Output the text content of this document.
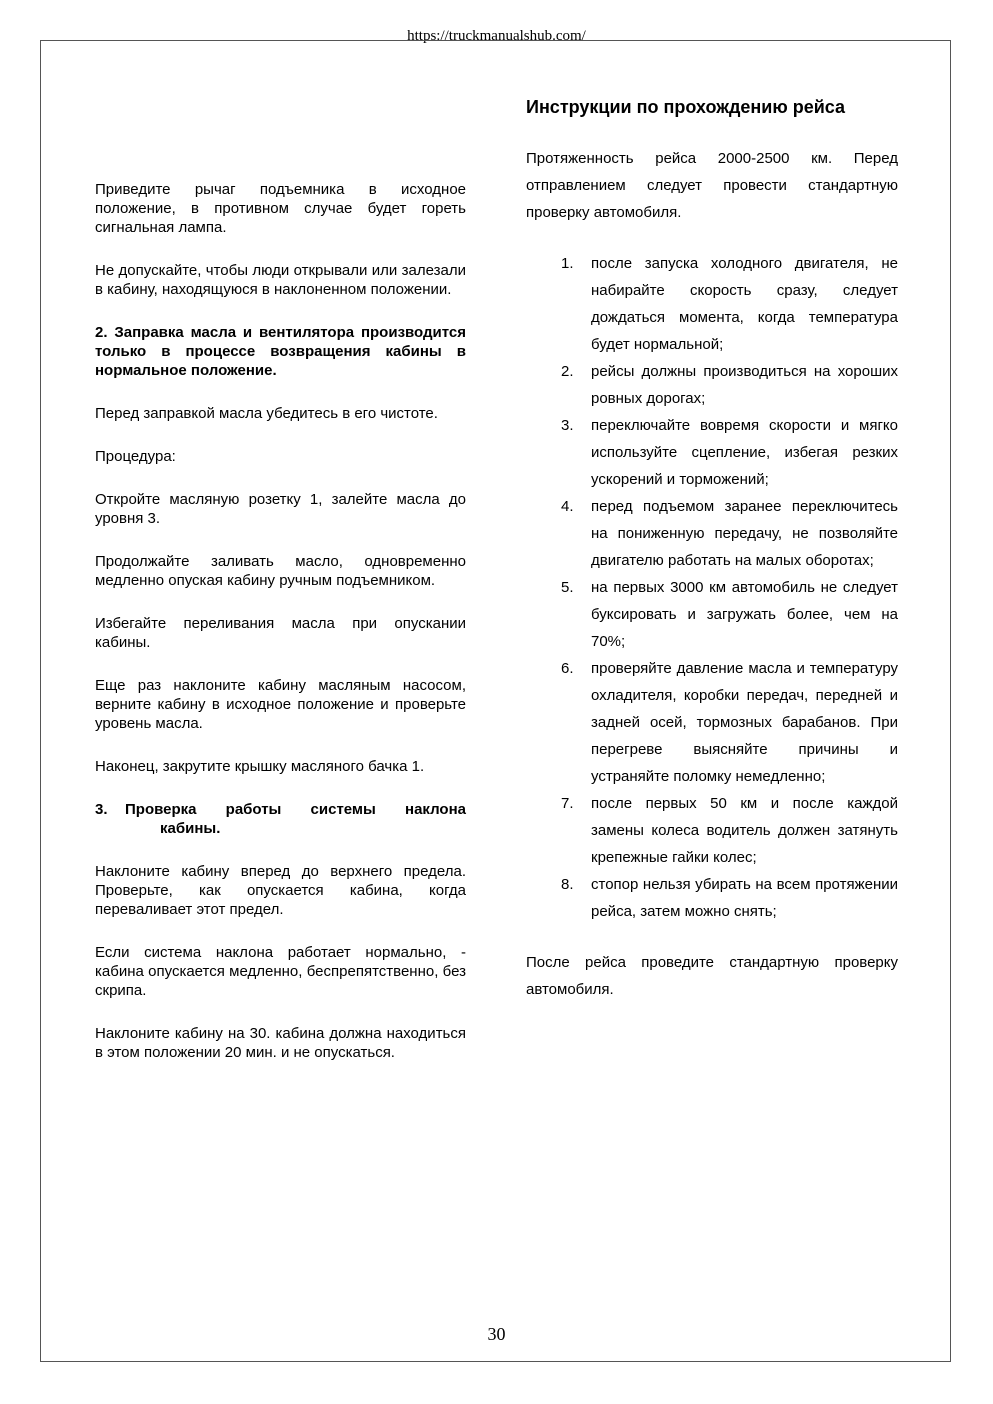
https://truckmanualshub.com/

Приведите рычаг подъемника в исходное положение, в противном случае будет гореть сигнальная лампа.

Не допускайте, чтобы люди открывали или залезали в кабину, находящуюся в наклоненном положении.

2. Заправка масла и вентилятора производится только в процессе возвращения кабины в нормальное положение.

Перед заправкой масла убедитесь в его чистоте.

Процедура:

Откройте масляную розетку 1, залейте масла до уровня 3.

Продолжайте заливать масло, одновременно медленно опуская кабину ручным подъемником.

Избегайте переливания масла при опускании кабины.

Еще раз наклоните кабину масляным насосом, верните кабину в исходное положение и проверьте уровень масла.

Наконец, закрутите крышку масляного бачка 1.

3. Проверка работы системы наклона
кабины.

Наклоните кабину вперед до верхнего предела. Проверьте, как опускается кабина, когда переваливает этот предел.

Если система наклона работает нормально, - кабина опускается медленно, беспрепятственно, без скрипа.

Наклоните кабину на 30. кабина должна находиться в этом положении 20 мин. и не опускаться.

Инструкции по прохождению рейса

Протяженность рейса 2000-2500 км. Перед отправлением следует провести стандартную проверку автомобиля.

1. после запуска холодного двигателя, не набирайте скорость сразу, следует дождаться момента, когда температура будет нормальной;
2. рейсы должны производиться на хороших ровных дорогах;
3. переключайте вовремя скорости и мягко используйте сцепление, избегая резких ускорений и торможений;
4. перед подъемом заранее переключитесь на пониженную передачу, не позволяйте двигателю работать на малых оборотах;
5. на первых 3000 км автомобиль не следует буксировать и загружать более, чем на 70%;
6. проверяйте давление масла и температуру охладителя, коробки передач, передней и задней осей, тормозных барабанов. При перегреве выясняйте причины и устраняйте поломку немедленно;
7. после первых 50 км и после каждой замены колеса водитель должен затянуть крепежные гайки колес;
8. стопор нельзя убирать на всем протяжении рейса, затем можно снять;

После рейса проведите стандартную проверку автомобиля.

30
